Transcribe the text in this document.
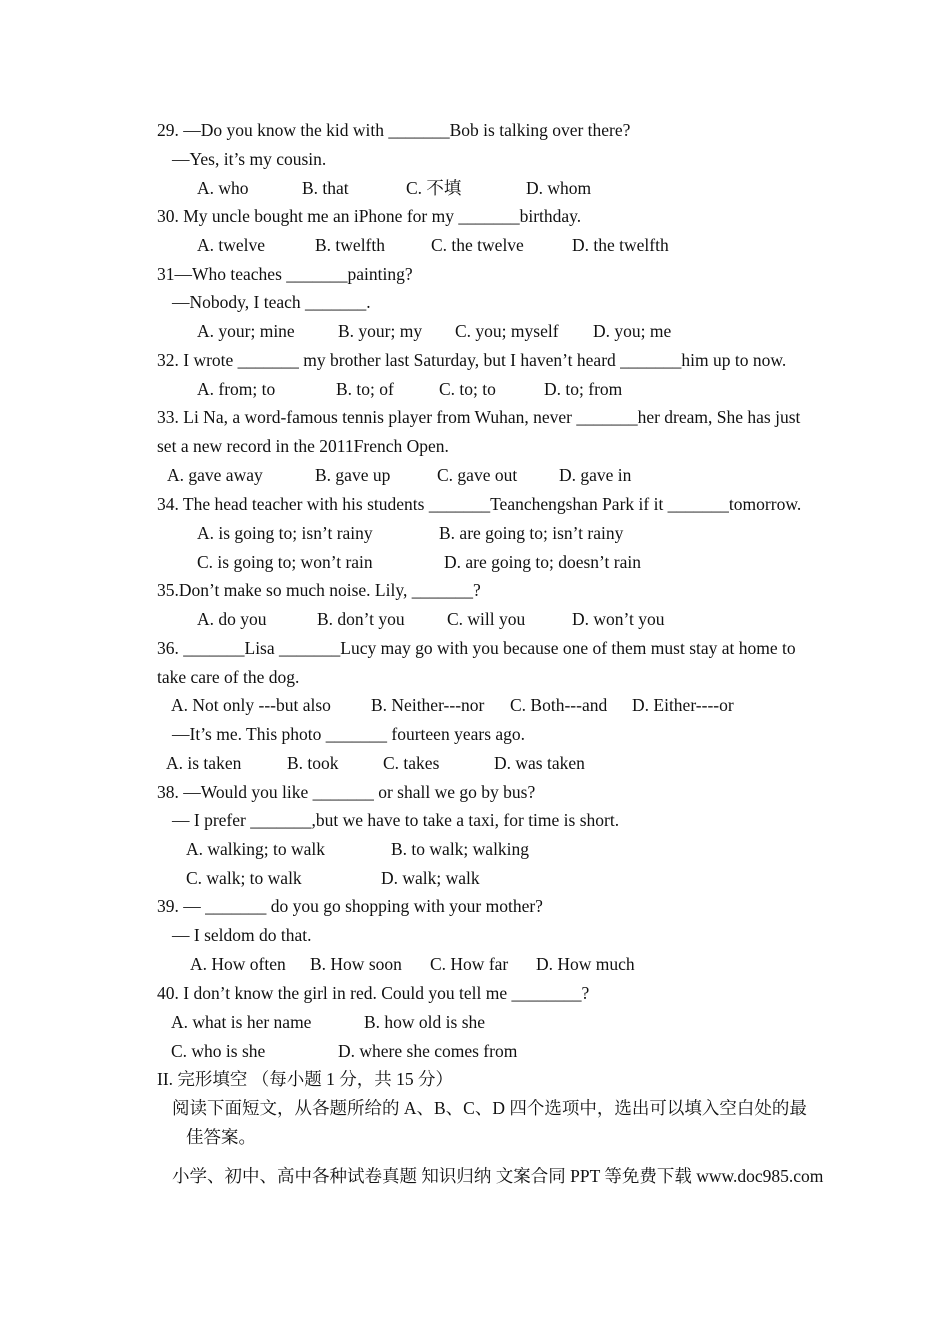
29. —Do you know the kid with _______Bob is talking over there?
—Yes, it’s my cousin.
A. who	B. that	C. 不填	D. whom
30. My uncle bought me an iPhone for my _______birthday.
A. twelve	B. twelfth	C. the twelve	D. the twelfth
31—Who teaches _______painting?
—Nobody, I teach _______.
A. your; mine B. your; my C. you; myself D. you; me
32. I wrote _______ my brother last Saturday, but I haven’t heard _______him up to now.
A. from; to	B. to; of	C. to; to	D. to; from
33. Li Na, a word-famous tennis player from Wuhan, never _______her dream, She has just
set a new record in the 2011French Open.
A. gave away	B. gave up	C. gave out D. gave in
34. The head teacher with his students _______Teanchengshan Park if it _______tomorrow.
A. is going to; isn’t rainy	B. are going to; isn’t rainy
C. is going to; won’t rain	D. are going to; doesn’t rain
35.Don’t make so much noise. Lily, _______?
A. do you	B. don’t you C. will you	D. won’t you
36. _______Lisa _______Lucy may go with you because one of them must stay at home to
take care of the dog.
A. Not only ---but also B. Neither---nor C. Both---and D. Either----or
—It’s me. This photo _______ fourteen years ago.
A. is taken	B. took	C. takes	D. was taken
38. —Would you like _______ or shall we go by bus?
— I prefer _______,but we have to take a taxi, for time is short.
A. walking; to walk	B. to walk; walking
C. walk; to walk	D. walk; walk
39. — _______ do you go shopping with your mother?
— I seldom do that.
A. How often B. How soon C. How far D. How much
40. I don’t know the girl in red. Could you tell me ________?
A. what is her name	B. how old is she
C. who is she	D. where she comes from
II. 完形填空 （每小题 1 分，共 15 分）
阅读下面短文，从各题所给的 A、B、C、D 四个选项中，选出可以填入空白处的最
佳答案。
小学、初中、高中各种试卷真题 知识归纳 文案合同 PPT 等免费下载 www.doc985.com
